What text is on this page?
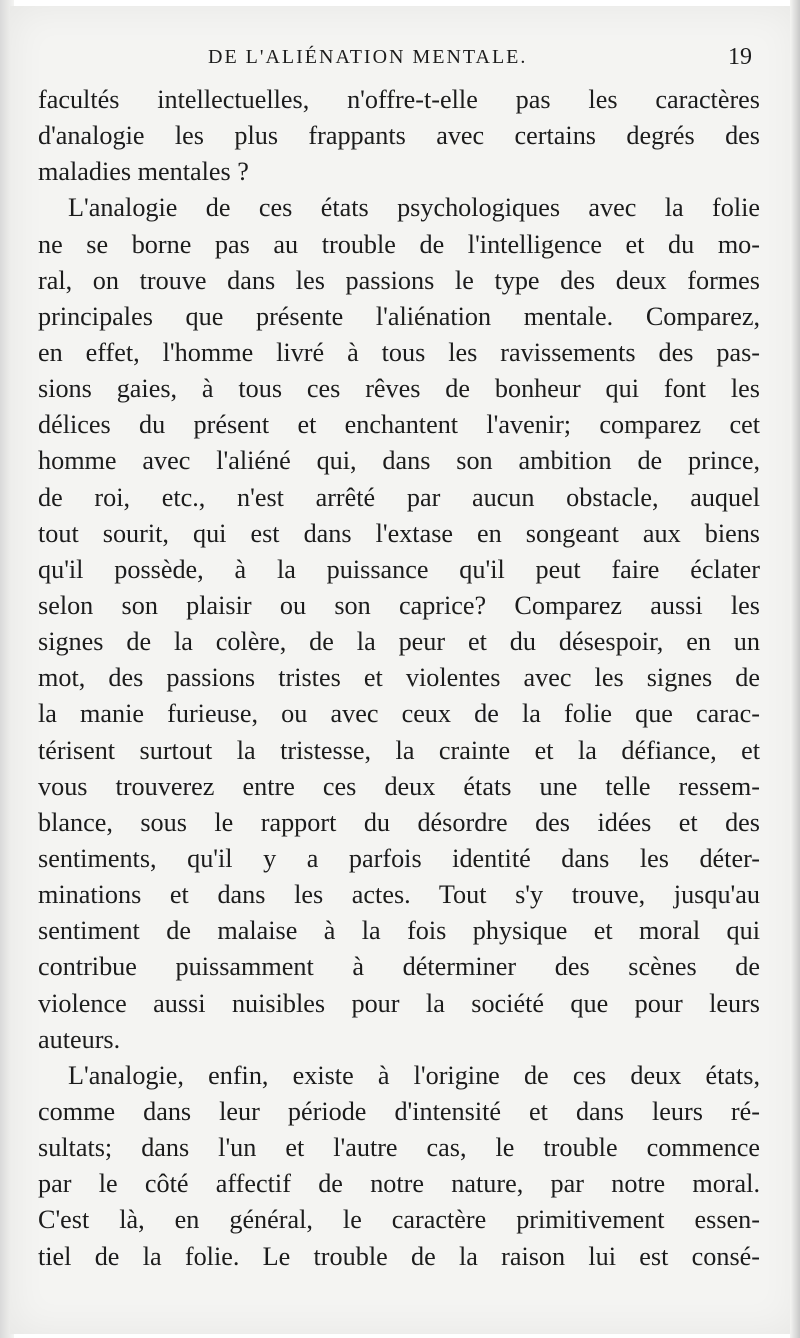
DE L'ALIÉNATION MENTALE.	19
facultés intellectuelles, n'offre-t-elle pas les caractères
d'analogie les plus frappants avec certains degrés des
maladies mentales ?
L'analogie de ces états psychologiques avec la folie
ne se borne pas au trouble de l'intelligence et du mo-
ral, on trouve dans les passions le type des deux formes
principales que présente l'aliénation mentale. Comparez,
en effet, l'homme livré à tous les ravissements des pas-
sions gaies, à tous ces rêves de bonheur qui font les
délices du présent et enchantent l'avenir; comparez cet
homme avec l'aliéné qui, dans son ambition de prince,
de roi, etc., n'est arrêté par aucun obstacle, auquel
tout sourit, qui est dans l'extase en songeant aux biens
qu'il possède, à la puissance qu'il peut faire éclater
selon son plaisir ou son caprice? Comparez aussi les
signes de la colère, de la peur et du désespoir, en un
mot, des passions tristes et violentes avec les signes de
la manie furieuse, ou avec ceux de la folie que carac-
térisent surtout la tristesse, la crainte et la défiance, et
vous trouverez entre ces deux états une telle ressem-
blance, sous le rapport du désordre des idées et des
sentiments, qu'il y a parfois identité dans les déter-
minations et dans les actes. Tout s'y trouve, jusqu'au
sentiment de malaise à la fois physique et moral qui
contribue puissamment à déterminer des scènes de
violence aussi nuisibles pour la société que pour leurs
auteurs.
L'analogie, enfin, existe à l'origine de ces deux états,
comme dans leur période d'intensité et dans leurs ré-
sultats; dans l'un et l'autre cas, le trouble commence
par le côté affectif de notre nature, par notre moral.
C'est là, en général, le caractère primitivement essen-
tiel de la folie. Le trouble de la raison lui est consé-
